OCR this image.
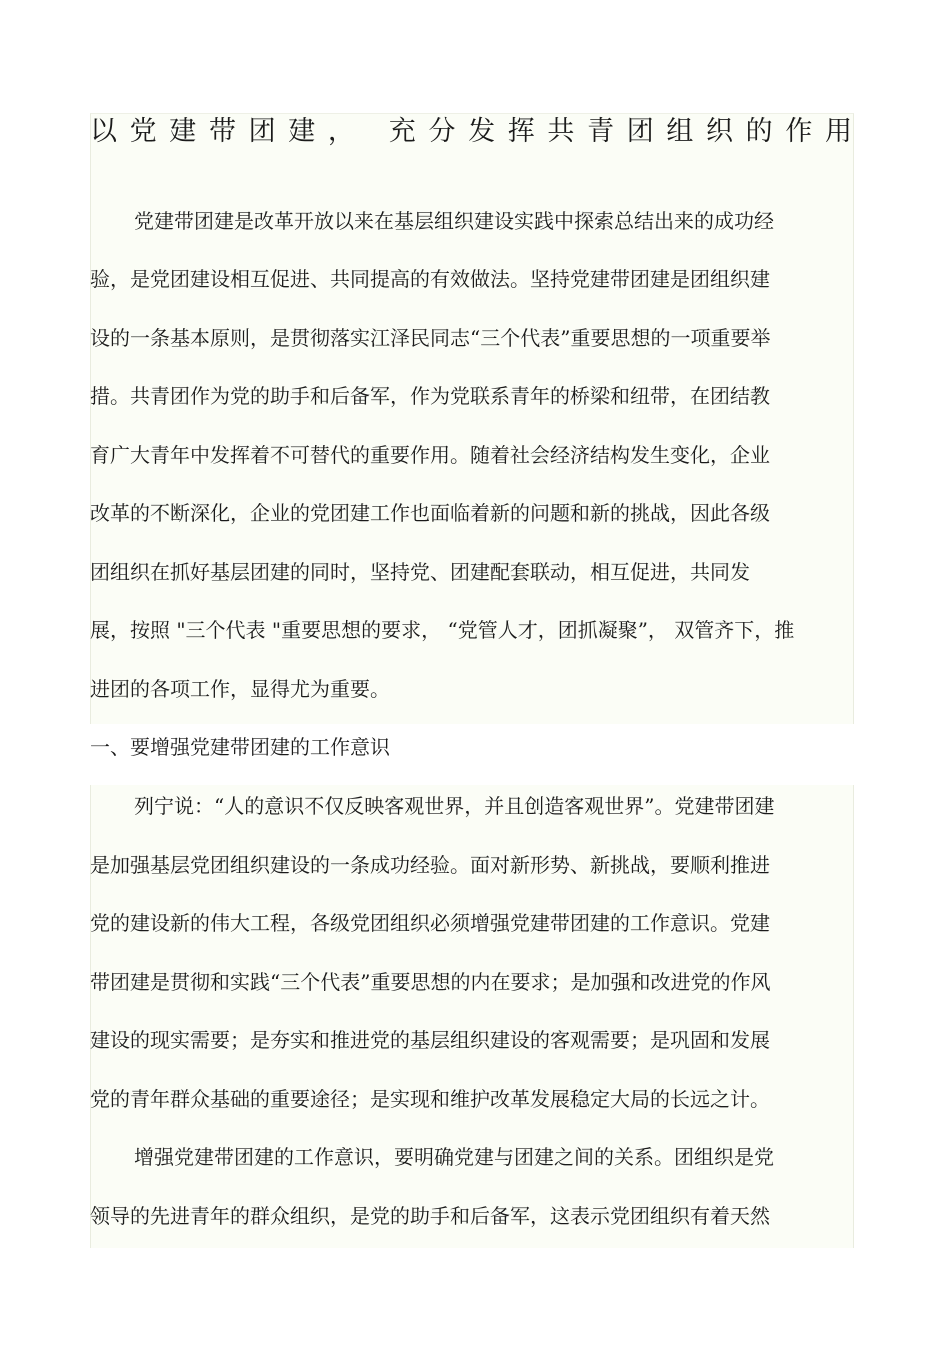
以党建带团建， 充分发挥共青团组织的作用

党建带团建是改革开放以来在基层组织建设实践中探索总结出来的成功经

验，是党团建设相互促进、共同提高的有效做法。坚持党建带团建是团组织建

设的一条基本原则，是贯彻落实江泽民同志“三个代表”重要思想的一项重要举

措。共青团作为党的助手和后备军，作为党联系青年的桥梁和纽带，在团结教

育广大青年中发挥着不可替代的重要作用。随着社会经济结构发生变化，企业

改革的不断深化，企业的党团建工作也面临着新的问题和新的挑战，因此各级

团组织在抓好基层团建的同时，坚持党、团建配套联动，相互促进，共同发

展，按照 "三个代表 "重要思想的要求， “党管人才，团抓凝聚”， 双管齐下，推

进团的各项工作，显得尤为重要。

一、要增强党建带团建的工作意识

列宁说：“人的意识不仅反映客观世界，并且创造客观世界”。党建带团建

是加强基层党团组织建设的一条成功经验。面对新形势、新挑战，要顺利推进

党的建设新的伟大工程，各级党团组织必须增强党建带团建的工作意识。党建

带团建是贯彻和实践“三个代表”重要思想的内在要求；是加强和改进党的作风

建设的现实需要；是夯实和推进党的基层组织建设的客观需要；是巩固和发展

党的青年群众基础的重要途径；是实现和维护改革发展稳定大局的长远之计。

增强党建带团建的工作意识，要明确党建与团建之间的关系。团组织是党

领导的先进青年的群众组织，是党的助手和后备军，这表示党团组织有着天然
